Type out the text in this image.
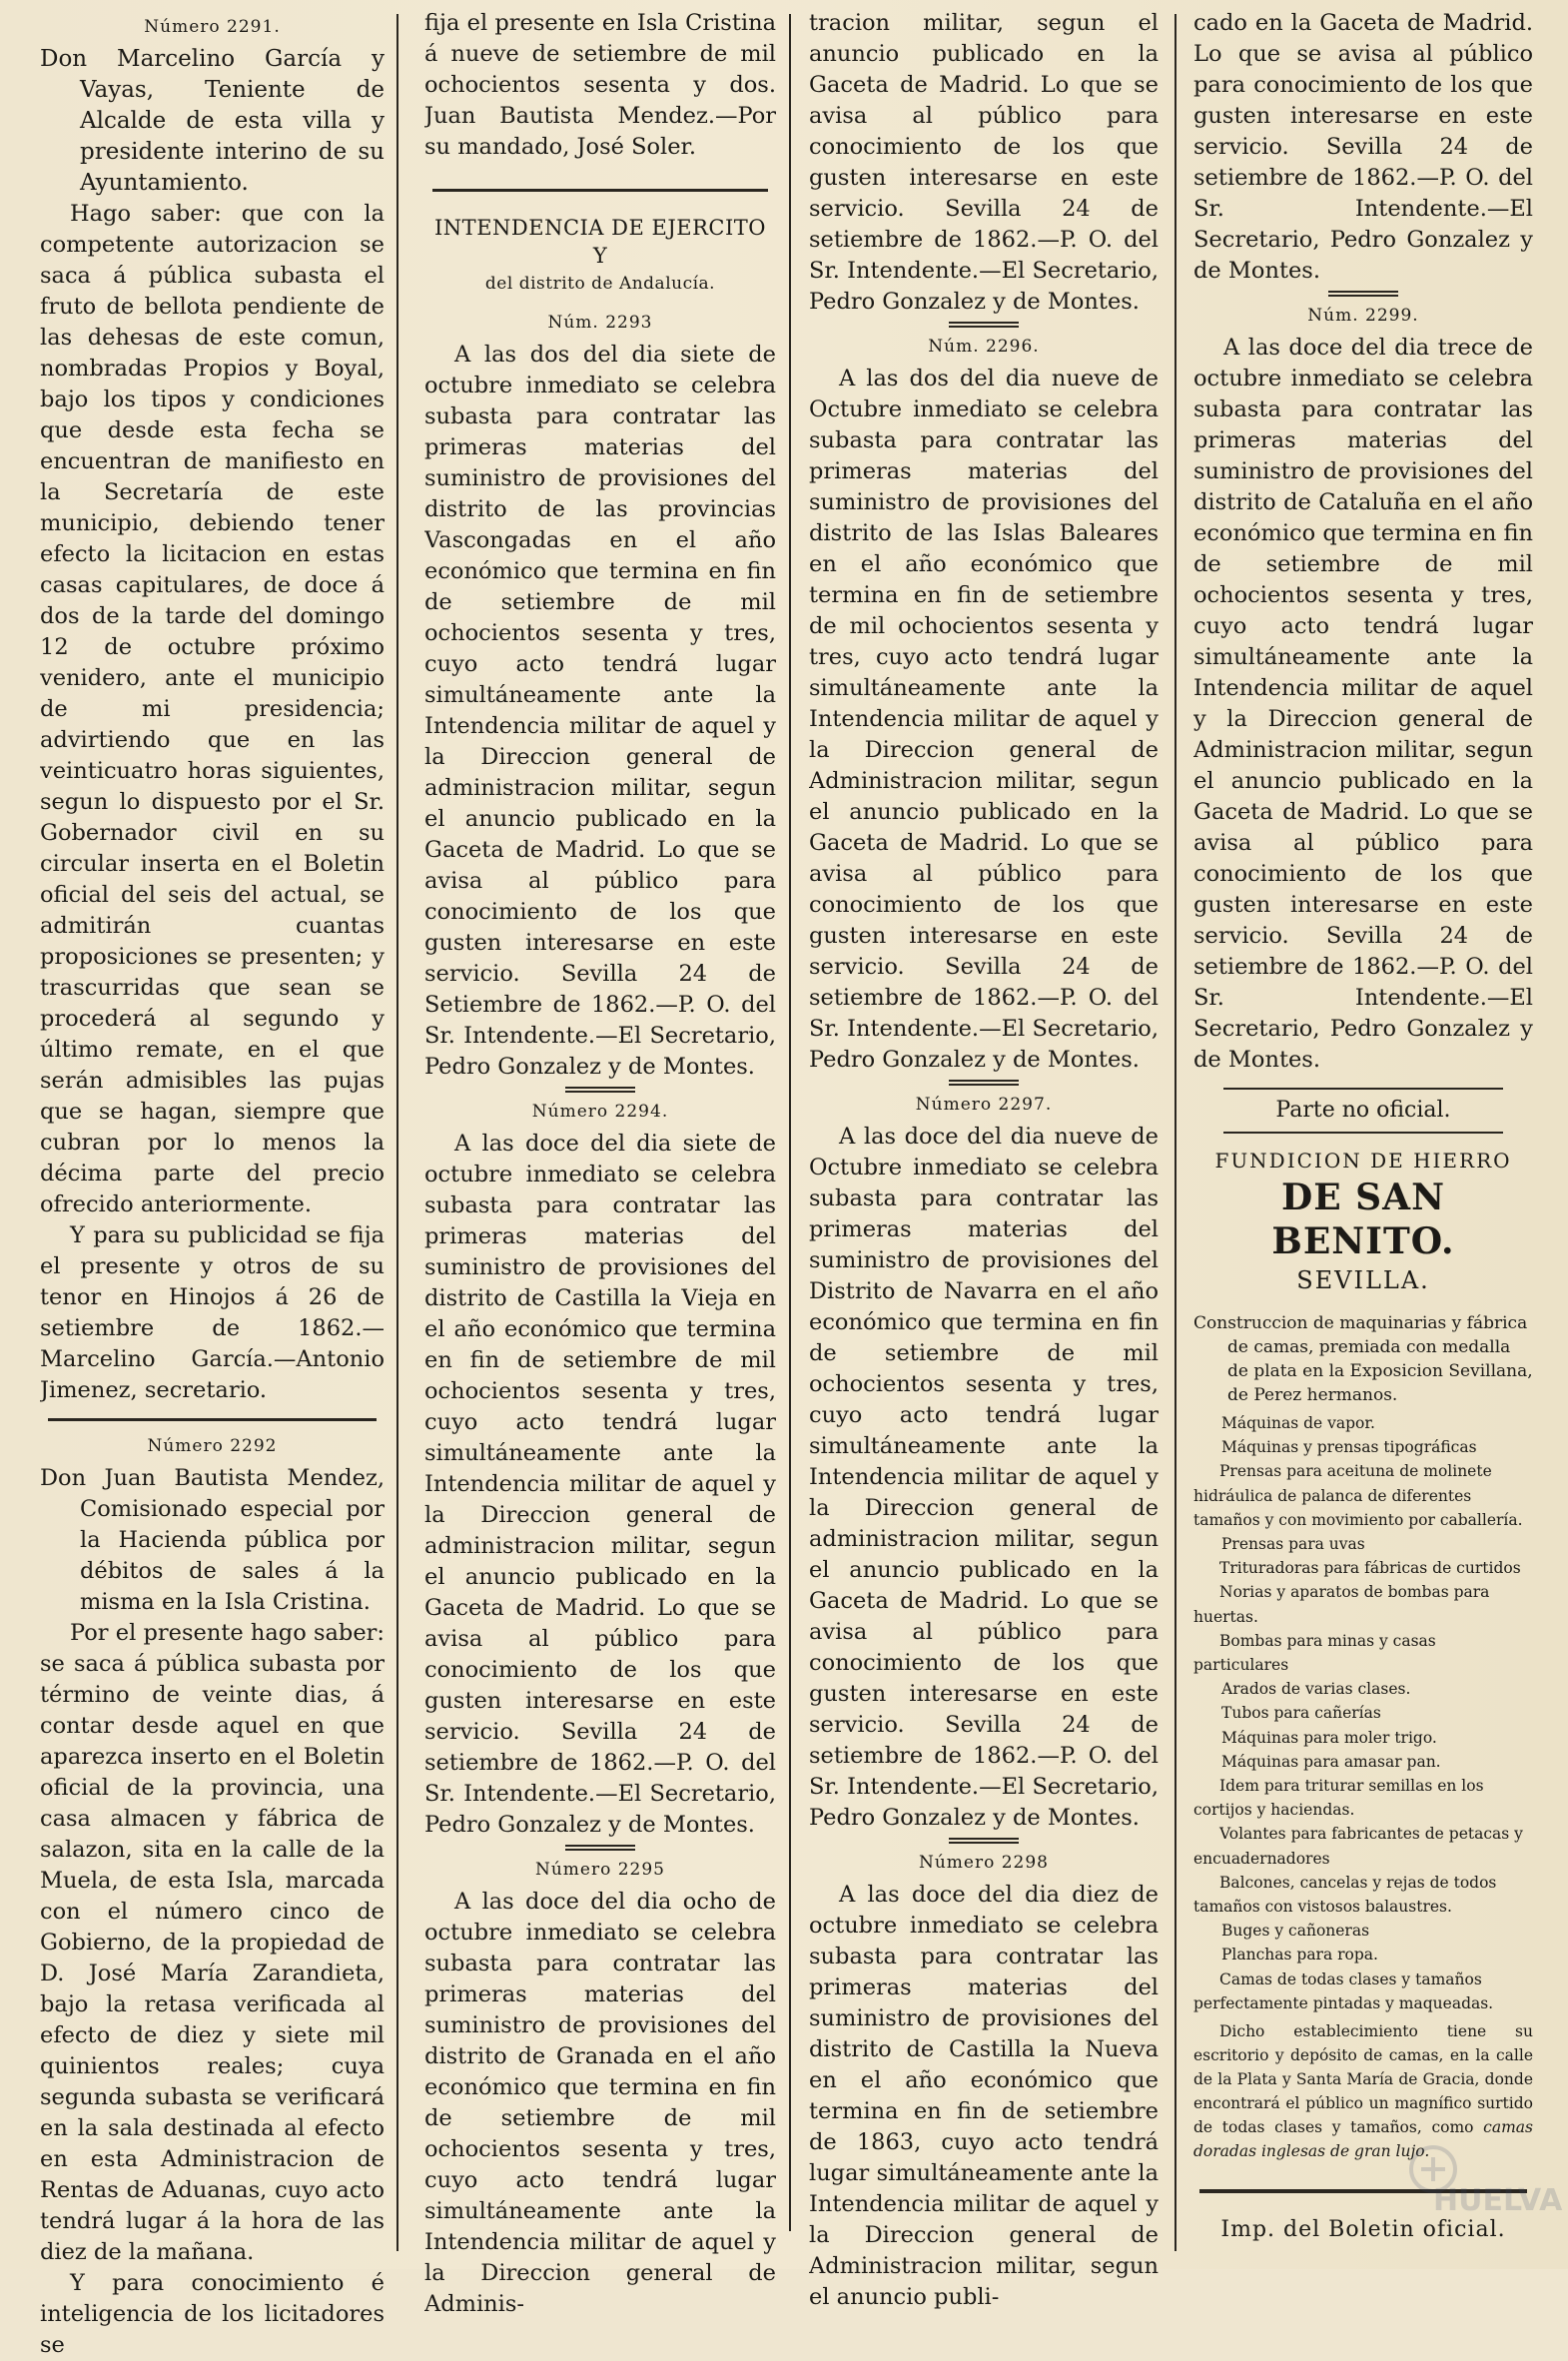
Número 2291.

Don Marcelino García y Vayas, Teniente de Alcalde de esta villa y presidente interino de su Ayuntamiento.

Hago saber: que con la competente autorizacion se saca á pública subasta el fruto de bellota pendiente de las dehesas de este comun, nombradas Propios y Boyal, bajo los tipos y condiciones que desde esta fecha se encuentran de manifiesto en la Secretaría de este municipio, debiendo tener efecto la licitacion en estas casas capitulares, de doce á dos de la tarde del domingo 12 de octubre próximo venidero, ante el municipio de mi presidencia; advirtiendo que en las veinticuatro horas siguientes, segun lo dispuesto por el Sr. Gobernador civil en su circular inserta en el Boletin oficial del seis del actual, se admitirán cuantas proposiciones se presenten; y trascurridas que sean se procederá al segundo y último remate, en el que serán admisibles las pujas que se hagan, siempre que cubran por lo menos la décima parte del precio ofrecido anteriormente.

Y para su publicidad se fija el presente y otros de su tenor en Hinojos á 26 de setiembre de 1862.—Marcelino García.—Antonio Jimenez, secretario.

Número 2292

Don Juan Bautista Mendez, Comisionado especial por la Hacienda pública por débitos de sales á la misma en la Isla Cristina.

Por el presente hago saber: se saca á pública subasta por término de veinte dias, á contar desde aquel en que aparezca inserto en el Boletin oficial de la provincia, una casa almacen y fábrica de salazon, sita en la calle de la Muela, de esta Isla, marcada con el número cinco de Gobierno, de la propiedad de D. José María Zarandieta, bajo la retasa verificada al efecto de diez y siete mil quinientos reales; cuya segunda subasta se verificará en la sala destinada al efecto en esta Administracion de Rentas de Aduanas, cuyo acto tendrá lugar á la hora de las diez de la mañana.

Y para conocimiento é inteligencia de los licitadores se

fija el presente en Isla Cristina á nueve de setiembre de mil ochocientos sesenta y dos. Juan Bautista Mendez.—Por su mandado, José Soler.

INTENDENCIA DE EJERCITO Y

del distrito de Andalucía.

Núm. 2293

A las dos del dia siete de octubre inmediato se celebra subasta para contratar las primeras materias del suministro de provisiones del distrito de las provincias Vascongadas en el año económico que termina en fin de setiembre de mil ochocientos sesenta y tres, cuyo acto tendrá lugar simultáneamente ante la Intendencia militar de aquel y la Direccion general de administracion militar, segun el anuncio publicado en la Gaceta de Madrid. Lo que se avisa al público para conocimiento de los que gusten interesarse en este servicio. Sevilla 24 de Setiembre de 1862.—P. O. del Sr. Intendente.—El Secretario, Pedro Gonzalez y de Montes.

Número 2294.

A las doce del dia siete de octubre inmediato se celebra subasta para contratar las primeras materias del suministro de provisiones del distrito de Castilla la Vieja en el año económico que termina en fin de setiembre de mil ochocientos sesenta y tres, cuyo acto tendrá lugar simultáneamente ante la Intendencia militar de aquel y la Direccion general de administracion militar, segun el anuncio publicado en la Gaceta de Madrid. Lo que se avisa al público para conocimiento de los que gusten interesarse en este servicio. Sevilla 24 de setiembre de 1862.—P. O. del Sr. Intendente.—El Secretario, Pedro Gonzalez y de Montes.

Número 2295

A las doce del dia ocho de octubre inmediato se celebra subasta para contratar las primeras materias del suministro de provisiones del distrito de Granada en el año económico que termina en fin de setiembre de mil ochocientos sesenta y tres, cuyo acto tendrá lugar simultáneamente ante la Intendencia militar de aquel y la Direccion general de Adminis-

tracion militar, segun el anuncio publicado en la Gaceta de Madrid. Lo que se avisa al público para conocimiento de los que gusten interesarse en este servicio. Sevilla 24 de setiembre de 1862.—P. O. del Sr. Intendente.—El Secretario, Pedro Gonzalez y de Montes.

Núm. 2296.

A las dos del dia nueve de Octubre inmediato se celebra subasta para contratar las primeras materias del suministro de provisiones del distrito de las Islas Baleares en el año económico que termina en fin de setiembre de mil ochocientos sesenta y tres, cuyo acto tendrá lugar simultáneamente ante la Intendencia militar de aquel y la Direccion general de Administracion militar, segun el anuncio publicado en la Gaceta de Madrid. Lo que se avisa al público para conocimiento de los que gusten interesarse en este servicio. Sevilla 24 de setiembre de 1862.—P. O. del Sr. Intendente.—El Secretario, Pedro Gonzalez y de Montes.

Número 2297.

A las doce del dia nueve de Octubre inmediato se celebra subasta para contratar las primeras materias del suministro de provisiones del Distrito de Navarra en el año económico que termina en fin de setiembre de mil ochocientos sesenta y tres, cuyo acto tendrá lugar simultáneamente ante la Intendencia militar de aquel y la Direccion general de administracion militar, segun el anuncio publicado en la Gaceta de Madrid. Lo que se avisa al público para conocimiento de los que gusten interesarse en este servicio. Sevilla 24 de setiembre de 1862.—P. O. del Sr. Intendente.—El Secretario, Pedro Gonzalez y de Montes.

Número 2298

A las doce del dia diez de octubre inmediato se celebra subasta para contratar las primeras materias del suministro de provisiones del distrito de Castilla la Nueva en el año económico que termina en fin de setiembre de 1863, cuyo acto tendrá lugar simultáneamente ante la Intendencia militar de aquel y la Direccion general de Administracion militar, segun el anuncio publi-

cado en la Gaceta de Madrid. Lo que se avisa al público para conocimiento de los que gusten interesarse en este servicio. Sevilla 24 de setiembre de 1862.—P. O. del Sr. Intendente.—El Secretario, Pedro Gonzalez y de Montes.

Núm. 2299.

A las doce del dia trece de octubre inmediato se celebra subasta para contratar las primeras materias del suministro de provisiones del distrito de Cataluña en el año económico que termina en fin de setiembre de mil ochocientos sesenta y tres, cuyo acto tendrá lugar simultáneamente ante la Intendencia militar de aquel y la Direccion general de Administracion militar, segun el anuncio publicado en la Gaceta de Madrid. Lo que se avisa al público para conocimiento de los que gusten interesarse en este servicio. Sevilla 24 de setiembre de 1862.—P. O. del Sr. Intendente.—El Secretario, Pedro Gonzalez y de Montes.

Parte no oficial.

FUNDICION DE HIERRO

DE SAN BENITO.

SEVILLA.

Construccion de maquinarias y fábrica de camas, premiada con medalla de plata en la Exposicion Sevillana, de Perez hermanos.

Máquinas de vapor.
Máquinas y prensas tipográficas
Prensas para aceituna de molinete hidráulica de palanca de diferentes tamaños y con movimiento por caballería.
Prensas para uvas
Trituradoras para fábricas de curtidos
Norias y aparatos de bombas para huertas.
Bombas para minas y casas particulares
Arados de varias clases.
Tubos para cañerías
Máquinas para moler trigo.
Máquinas para amasar pan.
Idem para triturar semillas en los cortijos y haciendas.
Volantes para fabricantes de petacas y encuadernadores
Balcones, cancelas y rejas de todos tamaños con vistosos balaustres.
Buges y cañoneras
Planchas para ropa.
Camas de todas clases y tamaños perfectamente pintadas y maqueadas.

Dicho establecimiento tiene su escritorio y depósito de camas, en la calle de la Plata y Santa María de Gracia, donde encontrará el público un magnífico surtido de todas clases y tamaños, como camas doradas inglesas de gran lujo.

Imp. del Boletin oficial.

HUELVA
